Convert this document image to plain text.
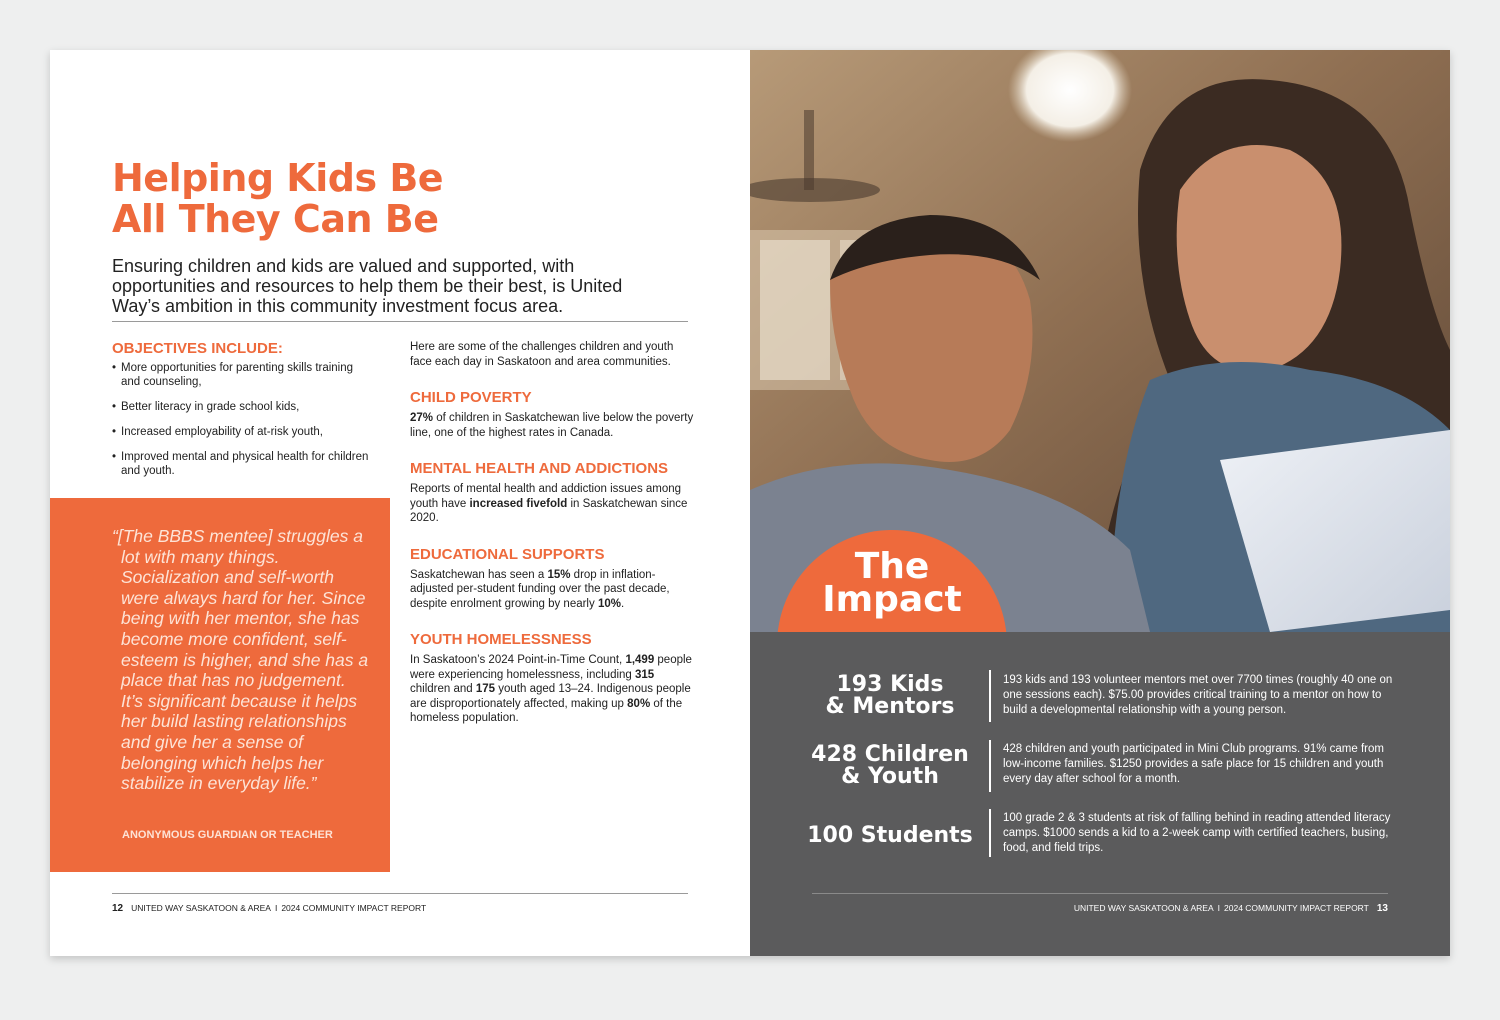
Helping Kids Be
All They Can Be

Ensuring children and kids are valued and supported, with opportunities and resources to help them be their best, is United Way’s ambition in this community investment focus area.

OBJECTIVES INCLUDE:
• More opportunities for parenting skills training and counseling,
• Better literacy in grade school kids,
• Increased employability of at-risk youth,
• Improved mental and physical health for children and youth.

“[The BBBS mentee] struggles a lot with many things. Socialization and self-worth were always hard for her. Since being with her mentor, she has become more confident, self-esteem is higher, and she has a place that has no judgement. It’s significant because it helps her build lasting relationships and give her a sense of belonging which helps her stabilize in everyday life.”

ANONYMOUS GUARDIAN OR TEACHER

Here are some of the challenges children and youth face each day in Saskatoon and area communities.

CHILD POVERTY

27% of children in Saskatchewan live below the poverty line, one of the highest rates in Canada.

MENTAL HEALTH AND ADDICTIONS

Reports of mental health and addiction issues among youth have increased fivefold in Saskatchewan since 2020.

EDUCATIONAL SUPPORTS

Saskatchewan has seen a 15% drop in inflation-adjusted per-student funding over the past decade, despite enrolment growing by nearly 10%.

YOUTH HOMELESSNESS

In Saskatoon’s 2024 Point-in-Time Count, 1,499 people were experiencing homelessness, including 315 children and 175 youth aged 13–24. Indigenous people are disproportionately affected, making up 80% of the homeless population.

12 UNITED WAY SASKATOON & AREA I 2024 COMMUNITY IMPACT REPORT
193 Kids
& Mentors

193 kids and 193 volunteer mentors met over 7700 times (roughly 40 one on one sessions each). $75.00 provides critical training to a mentor on how to build a developmental relationship with a young person.

428 Children
& Youth

428 children and youth participated in Mini Club programs. 91% came from low-income families. $1250 provides a safe place for 15 children and youth every day after school for a month.

100 Students

100 grade 2 & 3 students at risk of falling behind in reading attended literacy camps. $1000 sends a kid to a 2-week camp with certified teachers, busing, food, and field trips.

The
Impact
UNITED WAY SASKATOON & AREA I 2024 COMMUNITY IMPACT REPORT 13
